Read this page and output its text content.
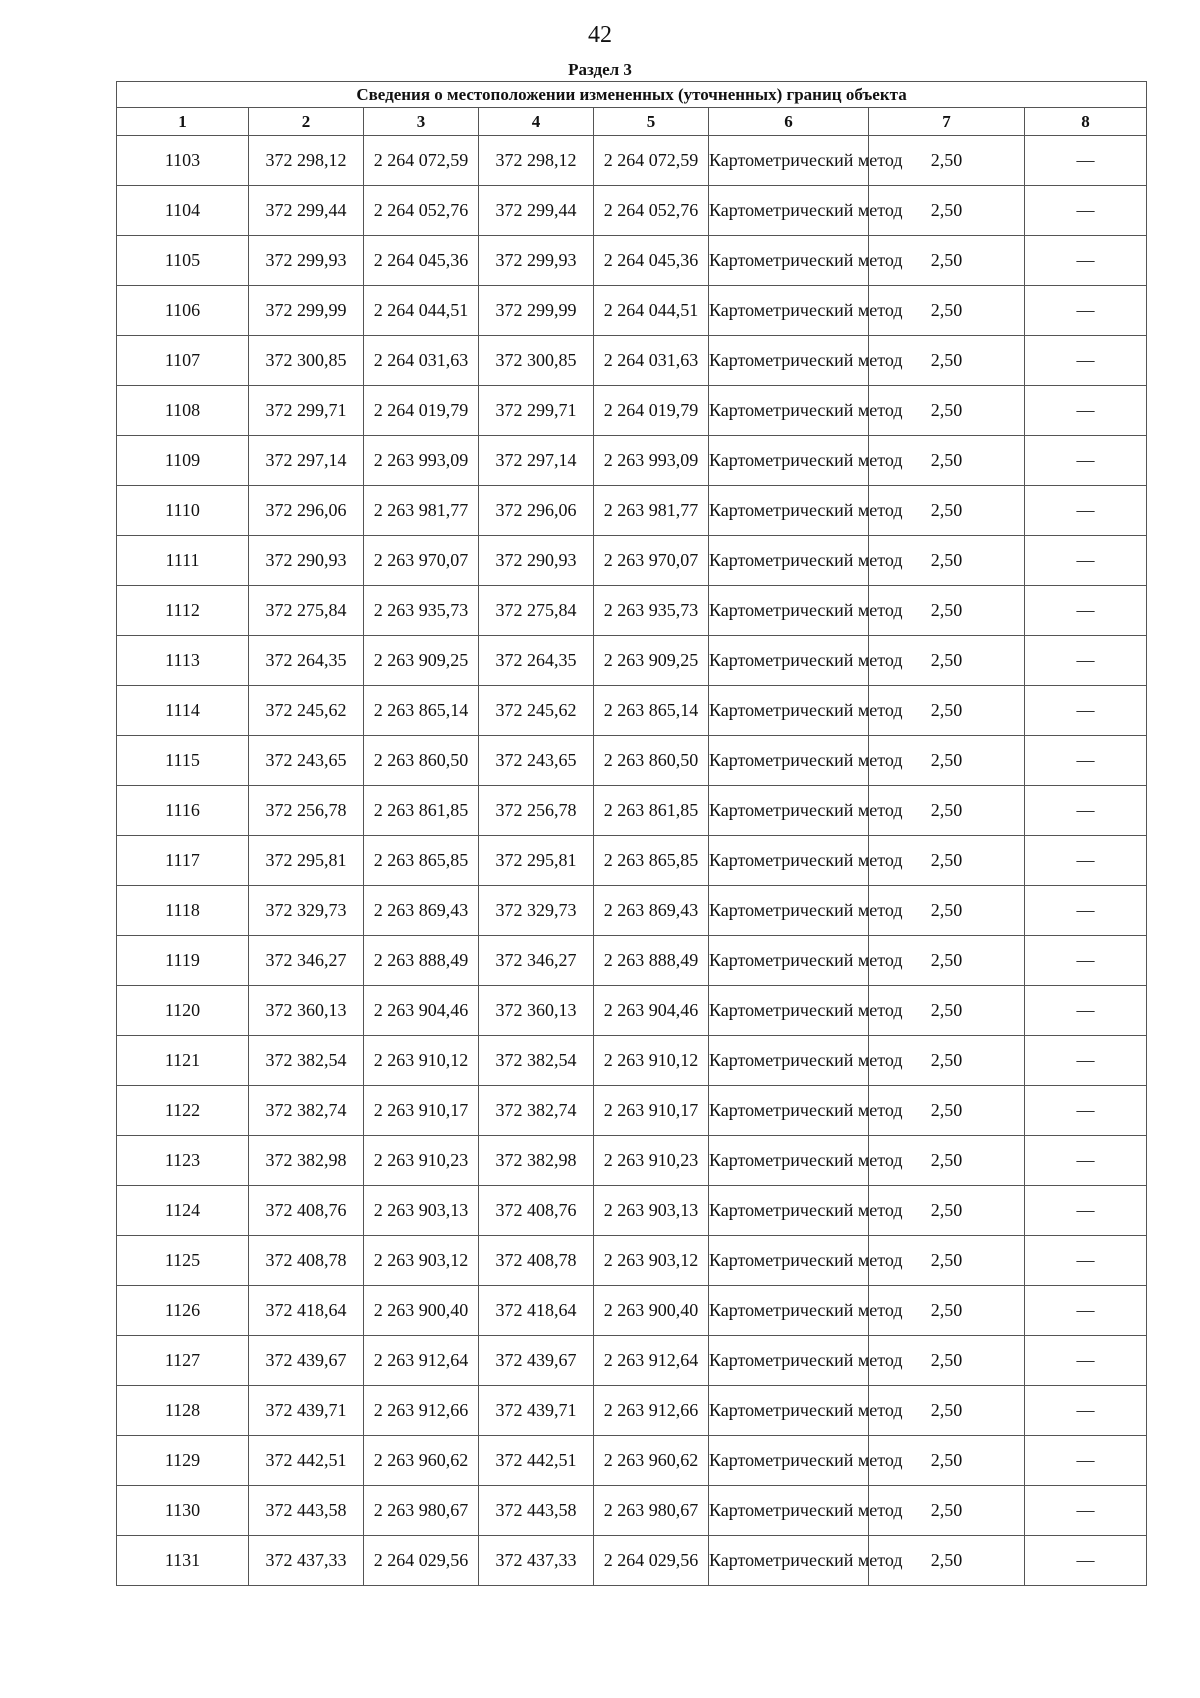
42
Раздел 3
Сведения о местоположении измененных (уточненных) границ объекта							
1	2	3	4	5	6	7	8
1103	372 298,12	2 264 072,59	372 298,12	2 264 072,59	Картометрический метод	2,50	—
1104	372 299,44	2 264 052,76	372 299,44	2 264 052,76	Картометрический метод	2,50	—
1105	372 299,93	2 264 045,36	372 299,93	2 264 045,36	Картометрический метод	2,50	—
1106	372 299,99	2 264 044,51	372 299,99	2 264 044,51	Картометрический метод	2,50	—
1107	372 300,85	2 264 031,63	372 300,85	2 264 031,63	Картометрический метод	2,50	—
1108	372 299,71	2 264 019,79	372 299,71	2 264 019,79	Картометрический метод	2,50	—
1109	372 297,14	2 263 993,09	372 297,14	2 263 993,09	Картометрический метод	2,50	—
1110	372 296,06	2 263 981,77	372 296,06	2 263 981,77	Картометрический метод	2,50	—
1111	372 290,93	2 263 970,07	372 290,93	2 263 970,07	Картометрический метод	2,50	—
1112	372 275,84	2 263 935,73	372 275,84	2 263 935,73	Картометрический метод	2,50	—
1113	372 264,35	2 263 909,25	372 264,35	2 263 909,25	Картометрический метод	2,50	—
1114	372 245,62	2 263 865,14	372 245,62	2 263 865,14	Картометрический метод	2,50	—
1115	372 243,65	2 263 860,50	372 243,65	2 263 860,50	Картометрический метод	2,50	—
1116	372 256,78	2 263 861,85	372 256,78	2 263 861,85	Картометрический метод	2,50	—
1117	372 295,81	2 263 865,85	372 295,81	2 263 865,85	Картометрический метод	2,50	—
1118	372 329,73	2 263 869,43	372 329,73	2 263 869,43	Картометрический метод	2,50	—
1119	372 346,27	2 263 888,49	372 346,27	2 263 888,49	Картометрический метод	2,50	—
1120	372 360,13	2 263 904,46	372 360,13	2 263 904,46	Картометрический метод	2,50	—
1121	372 382,54	2 263 910,12	372 382,54	2 263 910,12	Картометрический метод	2,50	—
1122	372 382,74	2 263 910,17	372 382,74	2 263 910,17	Картометрический метод	2,50	—
1123	372 382,98	2 263 910,23	372 382,98	2 263 910,23	Картометрический метод	2,50	—
1124	372 408,76	2 263 903,13	372 408,76	2 263 903,13	Картометрический метод	2,50	—
1125	372 408,78	2 263 903,12	372 408,78	2 263 903,12	Картометрический метод	2,50	—
1126	372 418,64	2 263 900,40	372 418,64	2 263 900,40	Картометрический метод	2,50	—
1127	372 439,67	2 263 912,64	372 439,67	2 263 912,64	Картометрический метод	2,50	—
1128	372 439,71	2 263 912,66	372 439,71	2 263 912,66	Картометрический метод	2,50	—
1129	372 442,51	2 263 960,62	372 442,51	2 263 960,62	Картометрический метод	2,50	—
1130	372 443,58	2 263 980,67	372 443,58	2 263 980,67	Картометрический метод	2,50	—
1131	372 437,33	2 264 029,56	372 437,33	2 264 029,56	Картометрический метод	2,50	—
